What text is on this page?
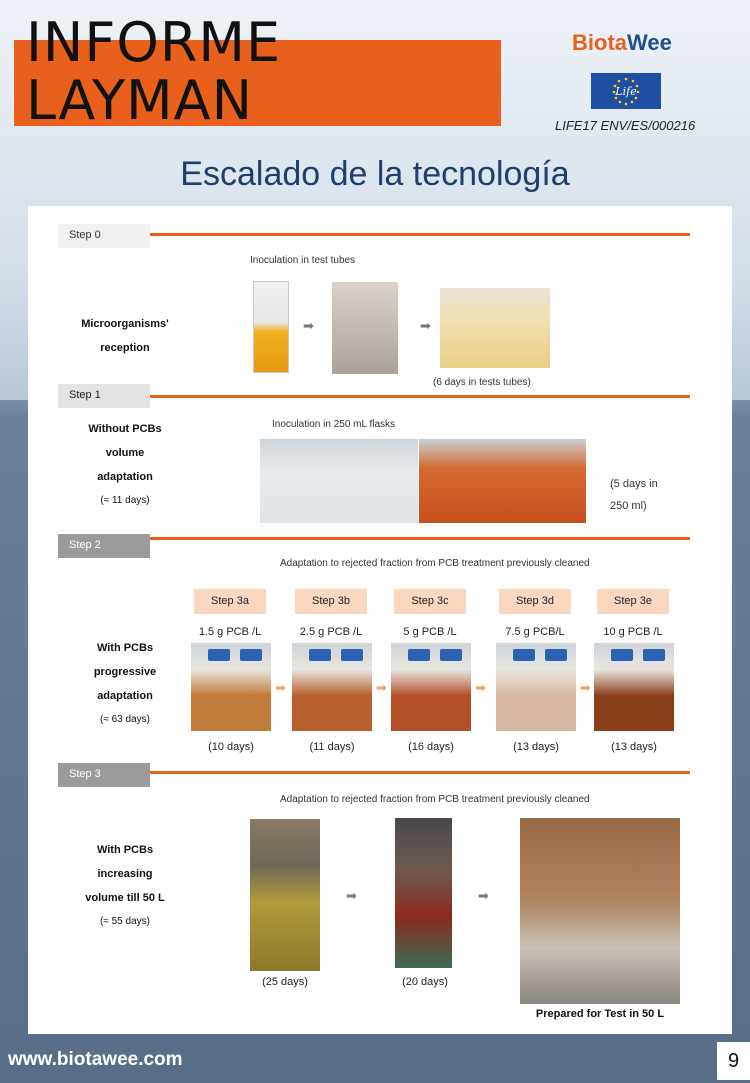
INFORME
LAYMAN
BiotaWee
Life
LIFE17 ENV/ES/000216
Escalado de la tecnología
Step 0
Inoculation in test tubes
Microorganisms' reception
➡	➡
(6 days in tests tubes)
Step 1
Inoculation in 250 mL flasks
Without PCBs
volume
adaptation
(≈ 11 days)
(5 days in
250 ml)
Step 2
Adaptation to rejected fraction from PCB treatment previously cleaned
With PCBs
progressive
adaptation
(≈ 63 days)
Step 3a
1.5 g PCB /L
➡
(10 days)
Step 3b
2.5 g PCB /L
➡
(11 days)
Step 3c
5 g PCB /L
➡
(16 days)
Step 3d
7.5 g PCB/L
➡
(13 days)
Step 3e
10 g PCB /L
(13 days)
Step 3
Adaptation to rejected fraction from PCB treatment previously cleaned
With PCBs
increasing
volume till 50 L
(≈ 55 days)
➡	➡
(25 days)	(20 days)
Prepared for Test in 50 L
www.biotawee.com	9
